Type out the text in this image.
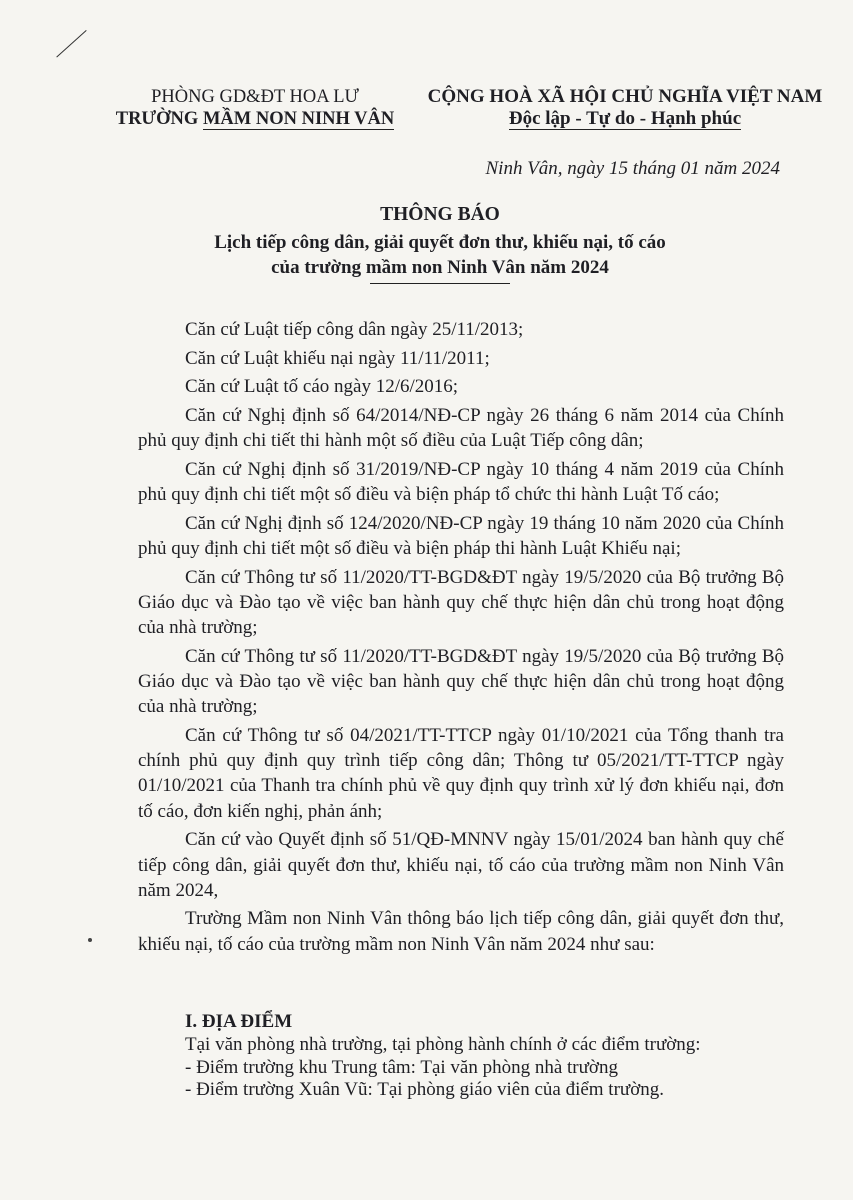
PHÒNG GD&ĐT HOA LƯ
TRƯỜNG MẦM NON NINH VÂN
CỘNG HOÀ XÃ HỘI CHỦ NGHĨA VIỆT NAM
Độc lập - Tự do - Hạnh phúc
Ninh Vân, ngày 15 tháng 01 năm 2024
THÔNG BÁO
Lịch tiếp công dân, giải quyết đơn thư, khiếu nại, tố cáo
của trường mầm non Ninh Vân năm 2024

Căn cứ Luật tiếp công dân ngày 25/11/2013;

Căn cứ Luật khiếu nại ngày 11/11/2011;

Căn cứ Luật tố cáo ngày 12/6/2016;

Căn cứ Nghị định số 64/2014/NĐ-CP ngày 26 tháng 6 năm 2014 của Chính phủ quy định chi tiết thi hành một số điều của Luật Tiếp công dân;

Căn cứ Nghị định số 31/2019/NĐ-CP ngày 10 tháng 4 năm 2019 của Chính phủ quy định chi tiết một số điều và biện pháp tổ chức thi hành Luật Tố cáo;

Căn cứ Nghị định số 124/2020/NĐ-CP ngày 19 tháng 10 năm 2020 của Chính phủ quy định chi tiết một số điều và biện pháp thi hành Luật Khiếu nại;

Căn cứ Thông tư số 11/2020/TT-BGD&ĐT ngày 19/5/2020 của Bộ trưởng Bộ Giáo dục và Đào tạo về việc ban hành quy chế thực hiện dân chủ trong hoạt động của nhà trường;

Căn cứ Thông tư số 11/2020/TT-BGD&ĐT ngày 19/5/2020 của Bộ trưởng Bộ Giáo dục và Đào tạo về việc ban hành quy chế thực hiện dân chủ trong hoạt động của nhà trường;

Căn cứ Thông tư số 04/2021/TT-TTCP ngày 01/10/2021 của Tổng thanh tra chính phủ quy định quy trình tiếp công dân; Thông tư 05/2021/TT-TTCP ngày 01/10/2021 của Thanh tra chính phủ về quy định quy trình xử lý đơn khiếu nại, đơn tố cáo, đơn kiến nghị, phản ánh;

Căn cứ vào Quyết định số 51/QĐ-MNNV ngày 15/01/2024 ban hành quy chế tiếp công dân, giải quyết đơn thư, khiếu nại, tố cáo của trường mầm non Ninh Vân năm 2024,

Trường Mầm non Ninh Vân thông báo lịch tiếp công dân, giải quyết đơn thư, khiếu nại, tố cáo của trường mầm non Ninh Vân năm 2024 như sau:

I. ĐỊA ĐIỂM
Tại văn phòng nhà trường, tại phòng hành chính ở các điểm trường:
- Điểm trường khu Trung tâm: Tại văn phòng nhà trường
- Điểm trường Xuân Vũ: Tại phòng giáo viên của điểm trường.
